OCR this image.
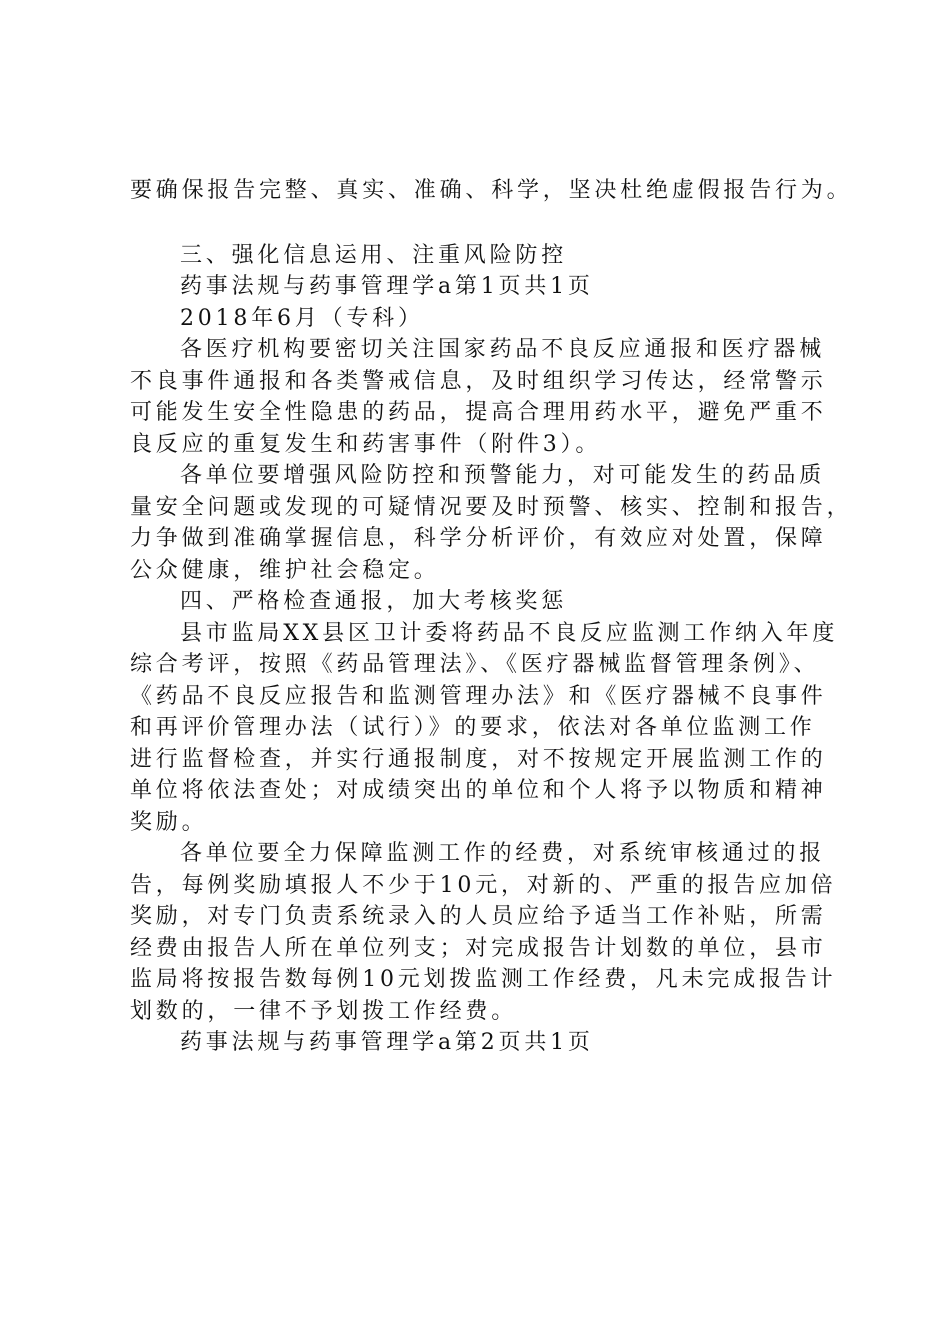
要确保报告完整、真实、准确、科学，坚决杜绝虚假报告行为。
三、强化信息运用、注重风险防控
药事法规与药事管理学a第1页共1页
2018年6月（专科）
各医疗机构要密切关注国家药品不良反应通报和医疗器械
不良事件通报和各类警戒信息，及时组织学习传达，经常警示
可能发生安全性隐患的药品，提高合理用药水平，避免严重不
良反应的重复发生和药害事件（附件3）。
各单位要增强风险防控和预警能力，对可能发生的药品质
量安全问题或发现的可疑情况要及时预警、核实、控制和报告，
力争做到准确掌握信息，科学分析评价，有效应对处置，保障
公众健康，维护社会稳定。
四、严格检查通报，加大考核奖惩
县市监局XX县区卫计委将药品不良反应监测工作纳入年度
综合考评，按照《药品管理法》、《医疗器械监督管理条例》、
《药品不良反应报告和监测管理办法》和《医疗器械不良事件
和再评价管理办法（试行）》的要求，依法对各单位监测工作
进行监督检查，并实行通报制度，对不按规定开展监测工作的
单位将依法查处；对成绩突出的单位和个人将予以物质和精神
奖励。
各单位要全力保障监测工作的经费，对系统审核通过的报
告，每例奖励填报人不少于10元，对新的、严重的报告应加倍
奖励，对专门负责系统录入的人员应给予适当工作补贴，所需
经费由报告人所在单位列支；对完成报告计划数的单位，县市
监局将按报告数每例10元划拨监测工作经费，凡未完成报告计
划数的，一律不予划拨工作经费。
药事法规与药事管理学a第2页共1页
